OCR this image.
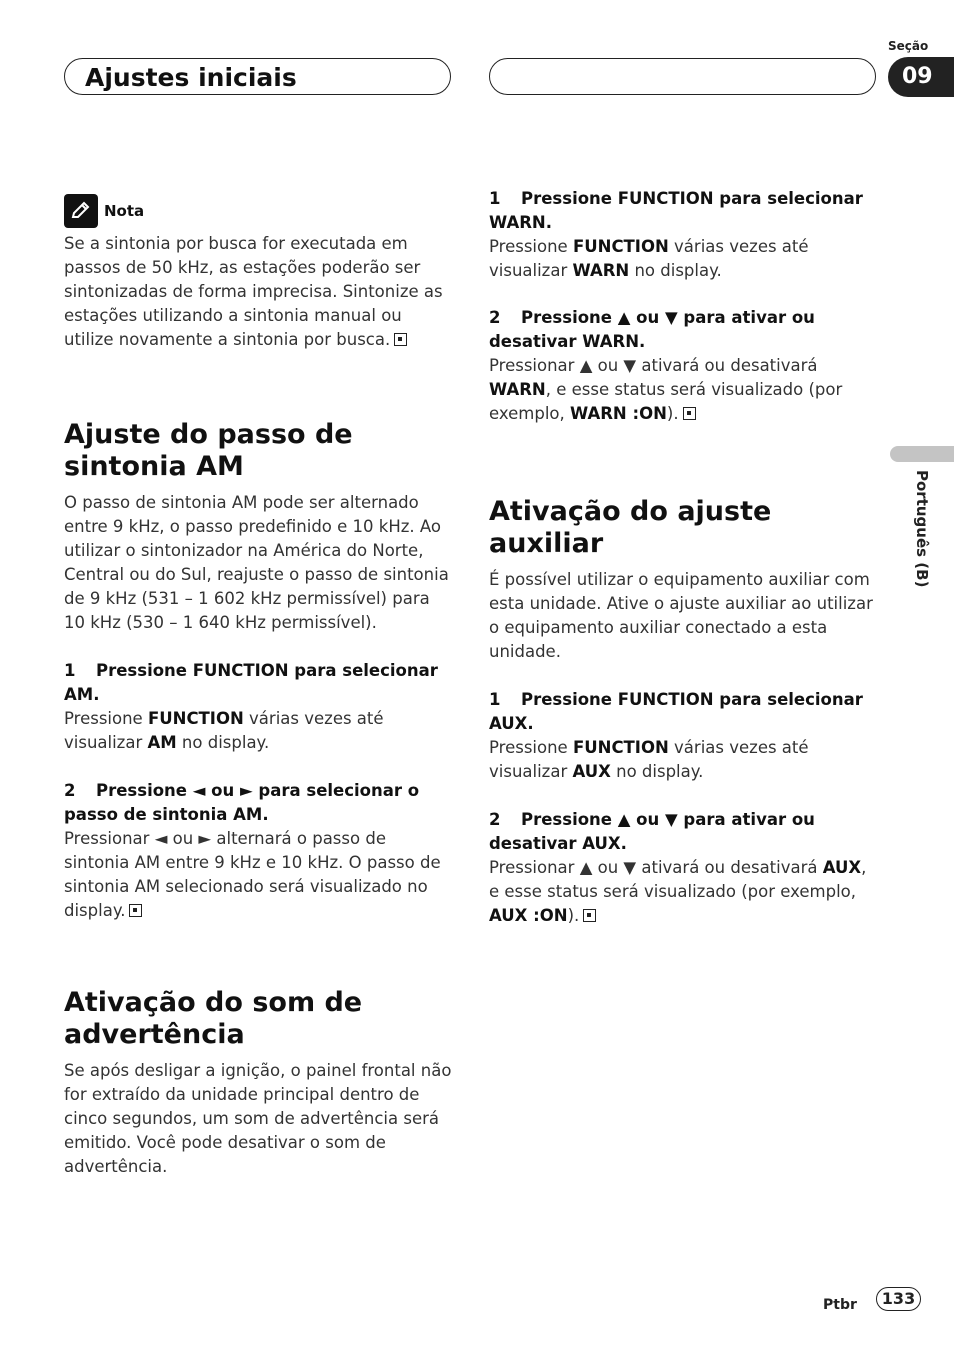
Ajustes iniciais
Seção
09
Nota

Se a sintonia por busca for executada em passos de 50 kHz, as estações poderão ser sintonizadas de forma imprecisa. Sintonize as estações utilizando a sintonia manual ou utilize novamente a sintonia por busca.

Ajuste do passo de sintonia AM

O passo de sintonia AM pode ser alternado entre 9 kHz, o passo predefinido e 10 kHz. Ao utilizar o sintonizador na América do Norte, Central ou do Sul, reajuste o passo de sintonia de 9 kHz (531 – 1 602 kHz permissível) para 10 kHz (530 – 1 640 kHz permissível).

1 Pressione FUNCTION para selecionar AM.

Pressione FUNCTION várias vezes até visualizar AM no display.

2 Pressione ◄ ou ► para selecionar o passo de sintonia AM.

Pressionar ◄ ou ► alternará o passo de sintonia AM entre 9 kHz e 10 kHz. O passo de sintonia AM selecionado será visualizado no display.

Ativação do som de advertência

Se após desligar a ignição, o painel frontal não for extraído da unidade principal dentro de cinco segundos, um som de advertência será emitido. Você pode desativar o som de advertência.

1 Pressione FUNCTION para selecionar WARN.

Pressione FUNCTION várias vezes até visualizar WARN no display.

2 Pressione ▲ ou ▼ para ativar ou desativar WARN.

Pressionar ▲ ou ▼ ativará ou desativará WARN, e esse status será visualizado (por exemplo, WARN :ON).

Ativação do ajuste auxiliar

É possível utilizar o equipamento auxiliar com esta unidade. Ative o ajuste auxiliar ao utilizar o equipamento auxiliar conectado a esta unidade.

1 Pressione FUNCTION para selecionar AUX.

Pressione FUNCTION várias vezes até visualizar AUX no display.

2 Pressione ▲ ou ▼ para ativar ou desativar AUX.

Pressionar ▲ ou ▼ ativará ou desativará AUX, e esse status será visualizado (por exemplo, AUX :ON).

Português (B)
Ptbr	133
